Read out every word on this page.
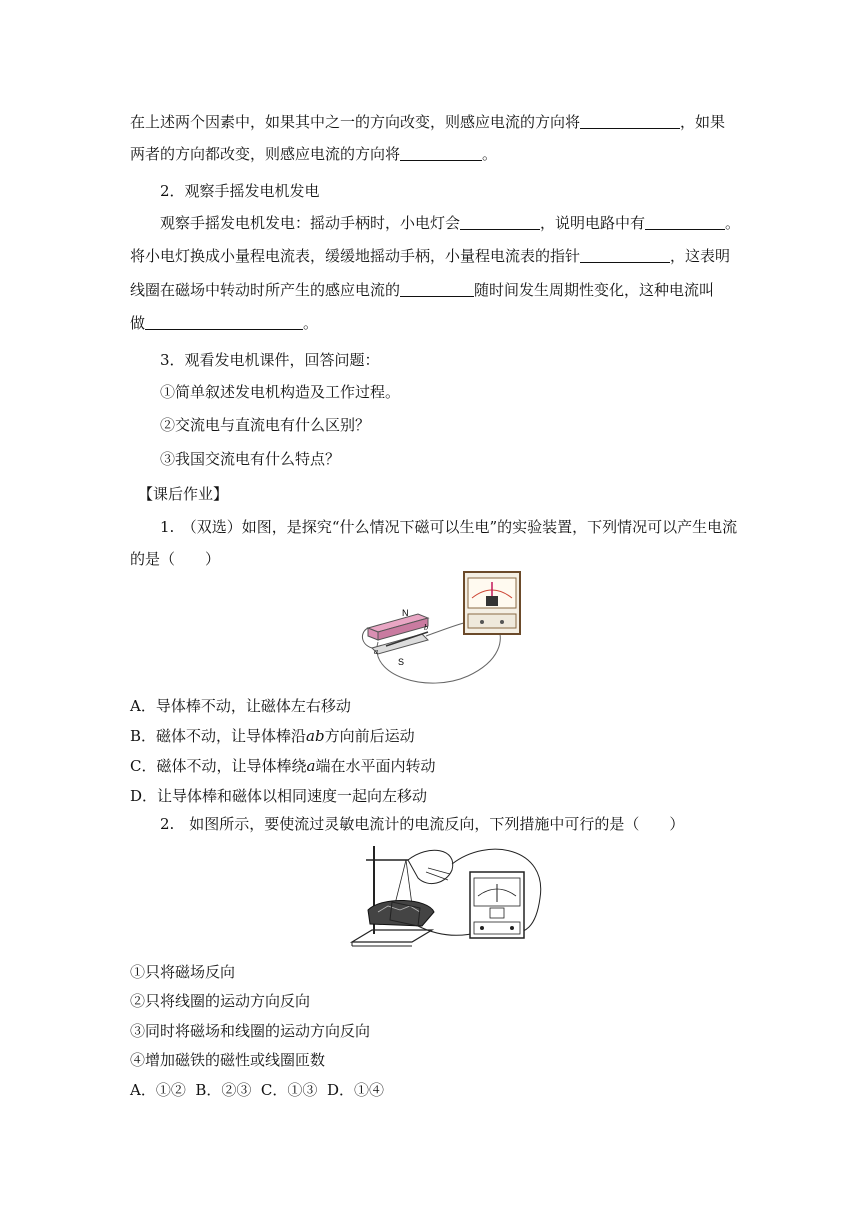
在上述两个因素中，如果其中之一的方向改变，则感应电流的方向将	，如果
两者的方向都改变，则感应电流的方向将	。
2．观察手摇发电机发电
观察手摇发电机发电：摇动手柄时，小电灯会	，说明电路中有	。
将小电灯换成小量程电流表，缓缓地摇动手柄，小量程电流表的指针	，这表明
线圈在磁场中转动时所产生的感应电流的	随时间发生周期性变化，这种电流叫
做	。
3．观看发电机课件，回答问题：
①简单叙述发电机构造及工作过程。
②交流电与直流电有什么区别？
③我国交流电有什么特点？
【课后作业】
1.　（双选）如图，是探究“什么情况下磁可以生电”的实验装置，下列情况可以产生电流
的是（　　）
N
S
a
b
A．导体棒不动，让磁体左右移动
B．磁体不动，让导体棒沿ab方向前后运动
C．磁体不动，让导体棒绕a端在水平面内转动
D．让导体棒和磁体以相同速度一起向左移动
2.　如图所示，要使流过灵敏电流计的电流反向，下列措施中可行的是（　　）
①只将磁场反向
②只将线圈的运动方向反向
③同时将磁场和线圈的运动方向反向
④增加磁铁的磁性或线圈匝数
A．①②  B．②③  C．①③  D．①④
